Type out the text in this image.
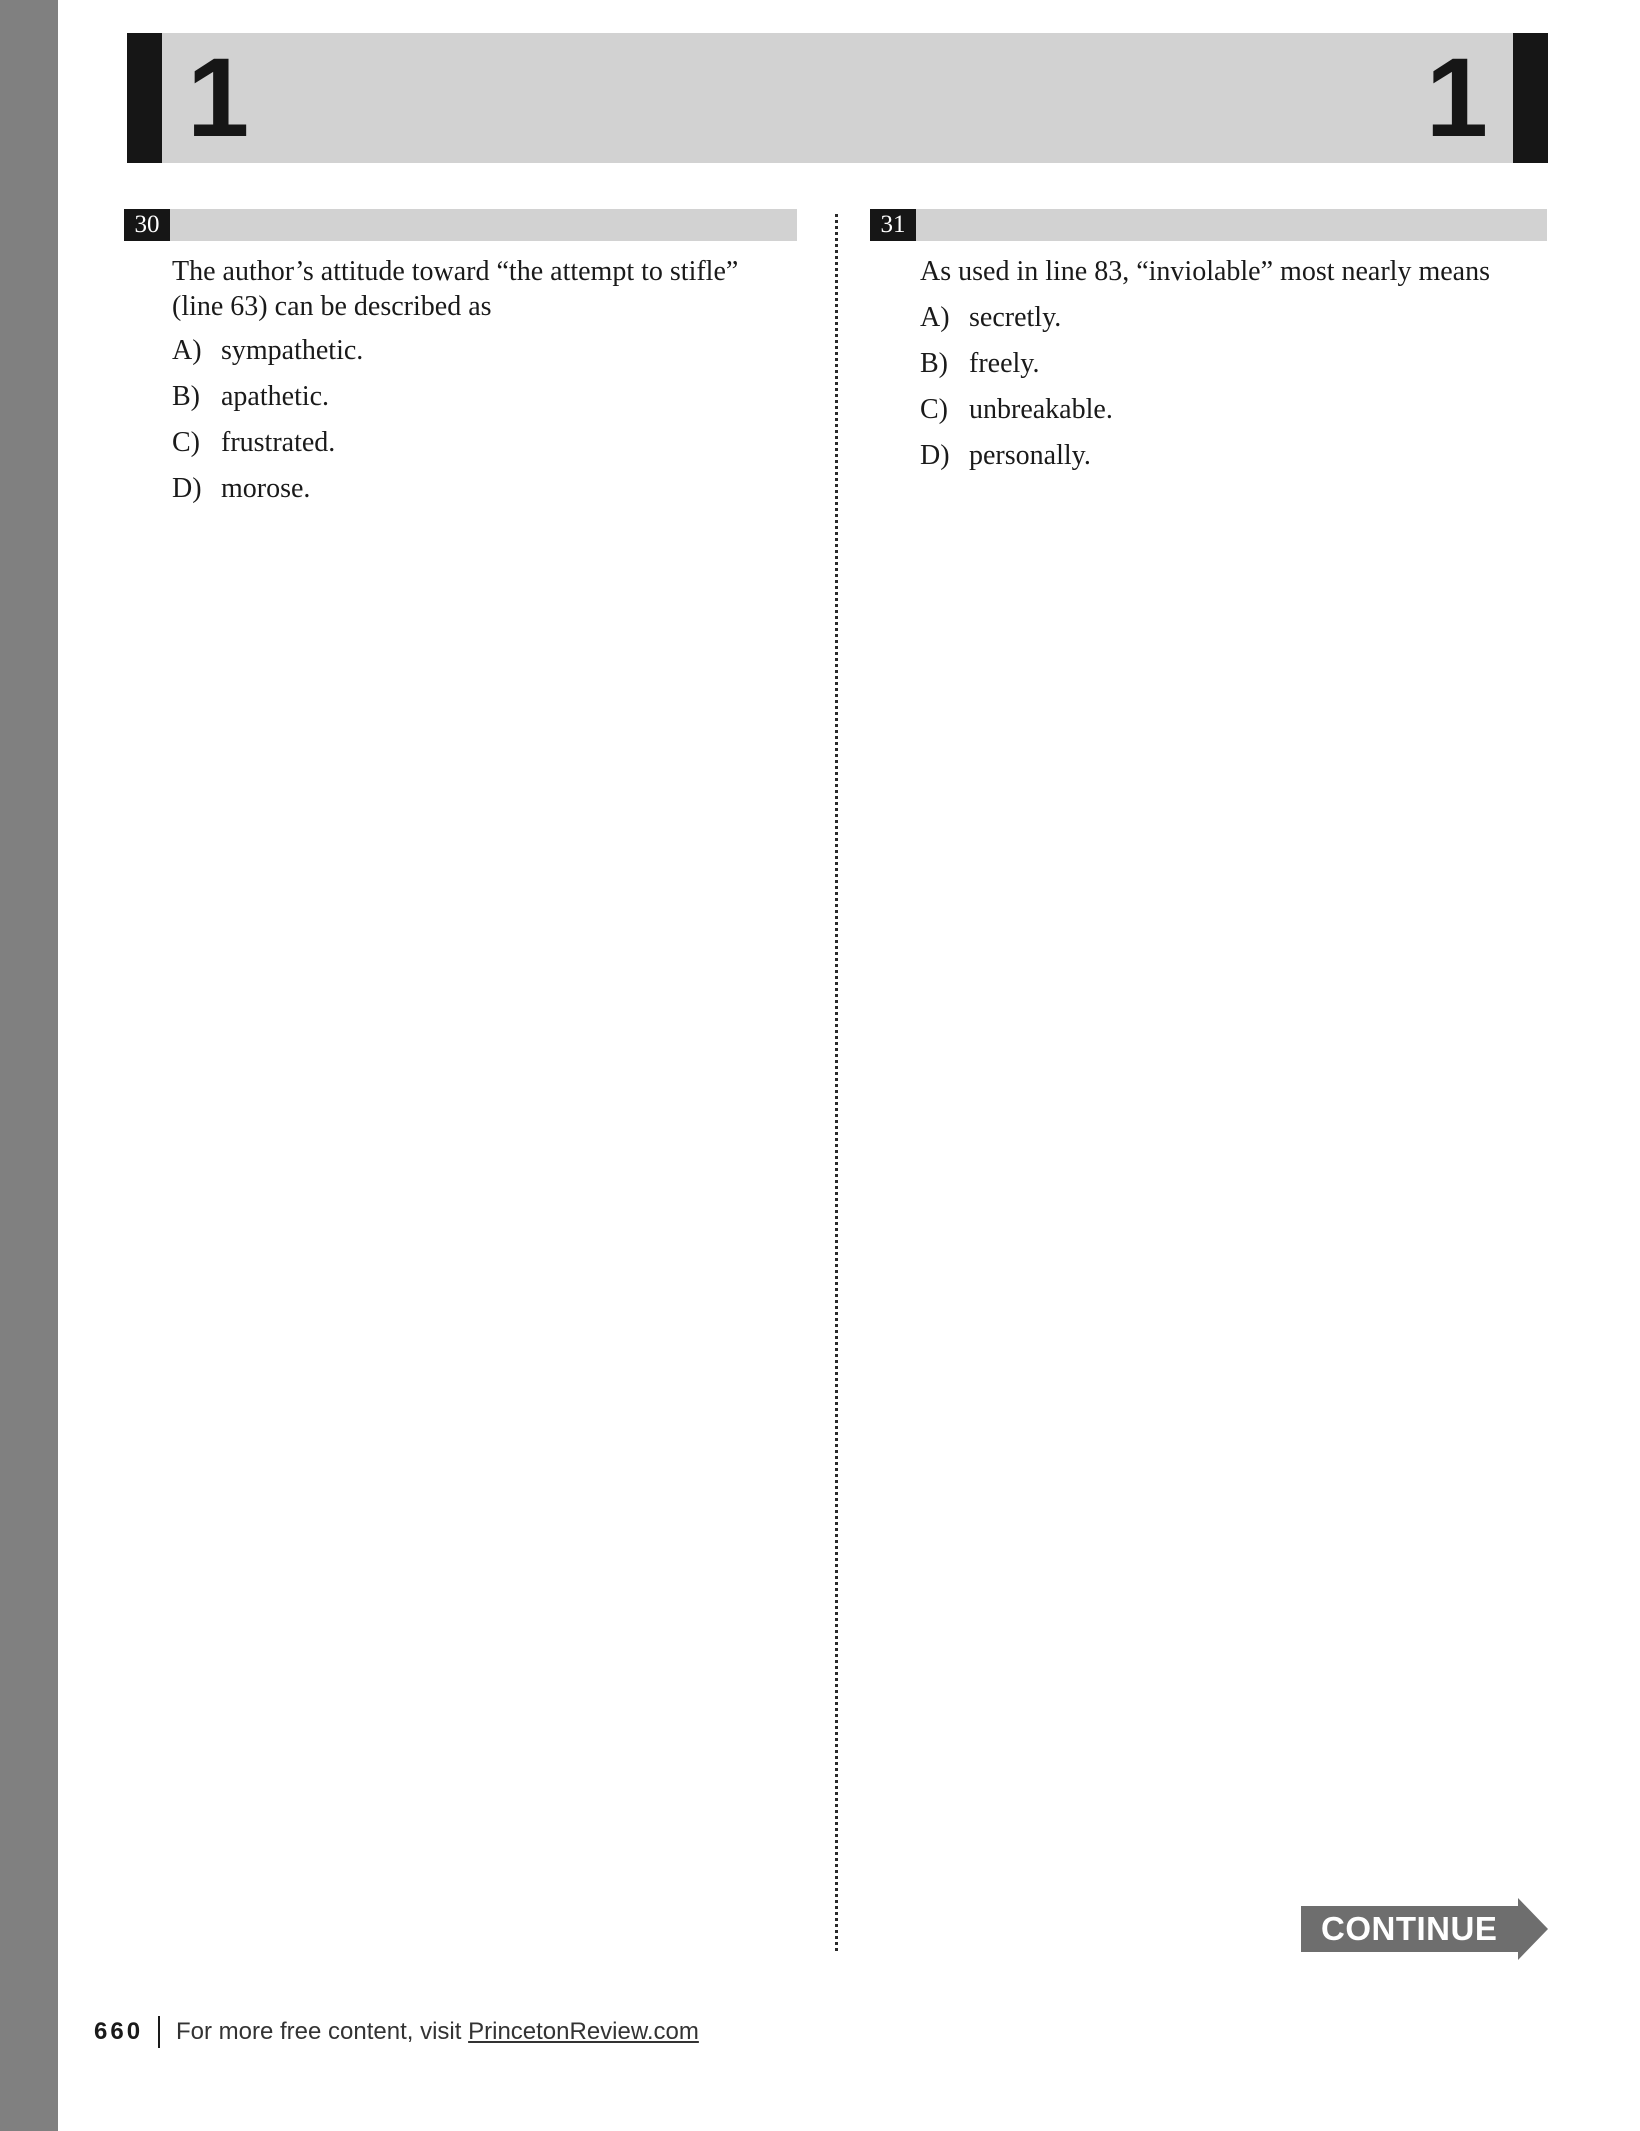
1	1
30
The author’s attitude toward “the attempt to stifle”
(line 63) can be described as
A) sympathetic.
B) apathetic.
C) frustrated.
D) morose.
31
As used in line 83, “inviolable” most nearly means
A) secretly.
B) freely.
C) unbreakable.
D) personally.
CONTINUE
660 For more free content, visit PrincetonReview.com
